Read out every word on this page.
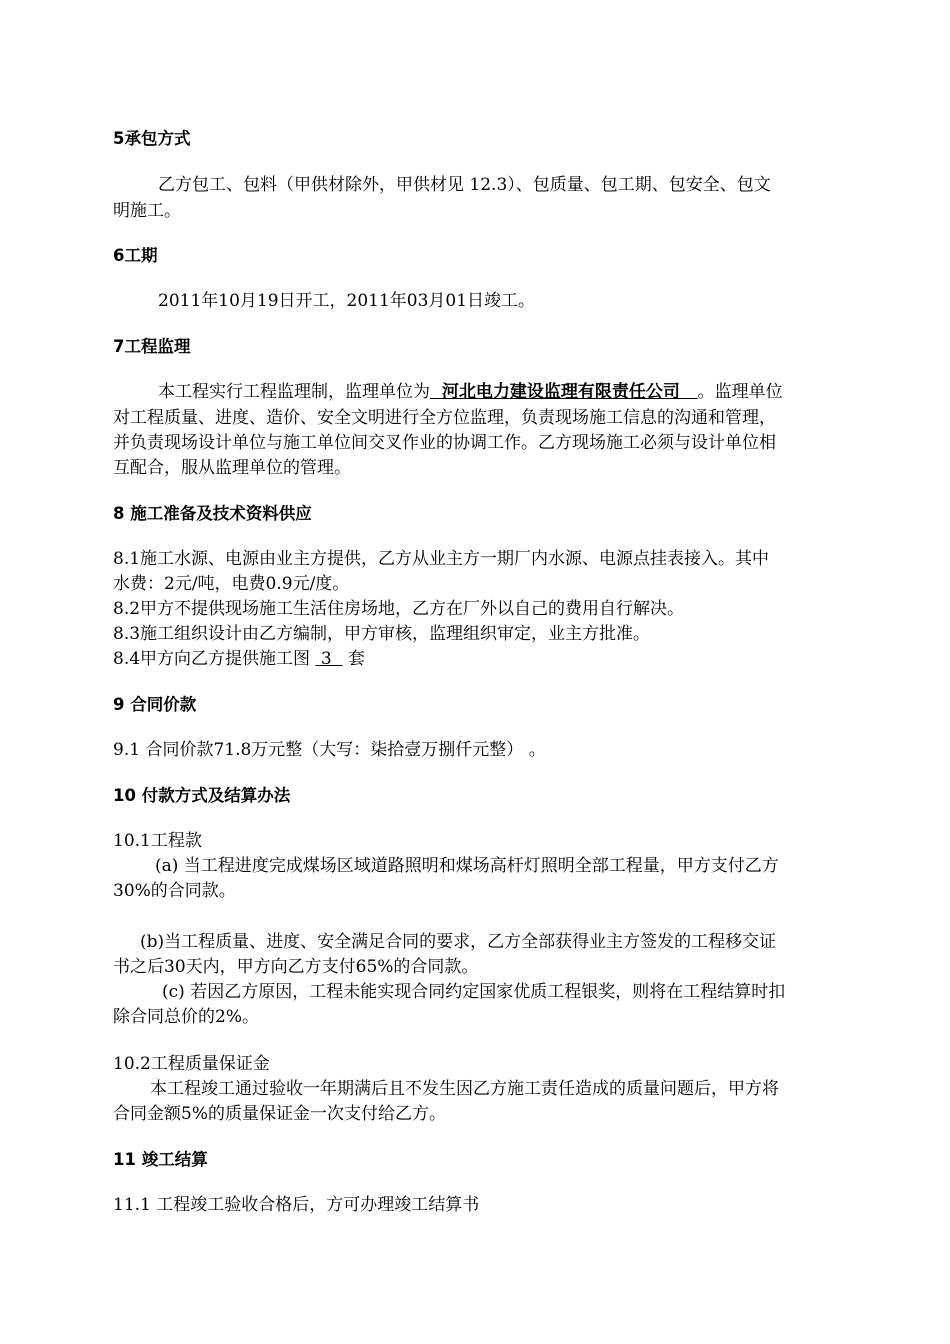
5承包方式
乙方包工、包料（甲供材除外，甲供材见 12.3）、包质量、包工期、包安全、包文
明施工。
6工期
2011年10月19日开工，2011年03月01日竣工。
7工程监理
本工程实行工程监理制，监理单位为  河北电力建设监理有限责任公司   。监理单位
对工程质量、进度、造价、安全文明进行全方位监理，负责现场施工信息的沟通和管理，
并负责现场设计单位与施工单位间交叉作业的协调工作。乙方现场施工必须与设计单位相
互配合，服从监理单位的管理。
8 施工准备及技术资料供应
8.1施工水源、电源由业主方提供，乙方从业主方一期厂内水源、电源点挂表接入。其中
水费：2元/吨，电费0.9元/度。
8.2甲方不提供现场施工生活住房场地，乙方在厂外以自己的费用自行解决。
8.3施工组织设计由乙方编制，甲方审核，监理组织审定，业主方批准。
8.4甲方向乙方提供施工图  3   套
9 合同价款
9.1 合同价款71.8万元整（大写：柒拾壹万捌仟元整） 。
10 付款方式及结算办法
10.1工程款
(a) 当工程进度完成煤场区域道路照明和煤场高杆灯照明全部工程量，甲方支付乙方
30%的合同款。
(b)当工程质量、进度、安全满足合同的要求，乙方全部获得业主方签发的工程移交证
书之后30天内，甲方向乙方支付65%的合同款。
(c) 若因乙方原因，工程未能实现合同约定国家优质工程银奖，则将在工程结算时扣
除合同总价的2%。
10.2工程质量保证金
本工程竣工通过验收一年期满后且不发生因乙方施工责任造成的质量问题后，甲方将
合同金额5%的质量保证金一次支付给乙方。
11 竣工结算
11.1 工程竣工验收合格后，方可办理竣工结算书
